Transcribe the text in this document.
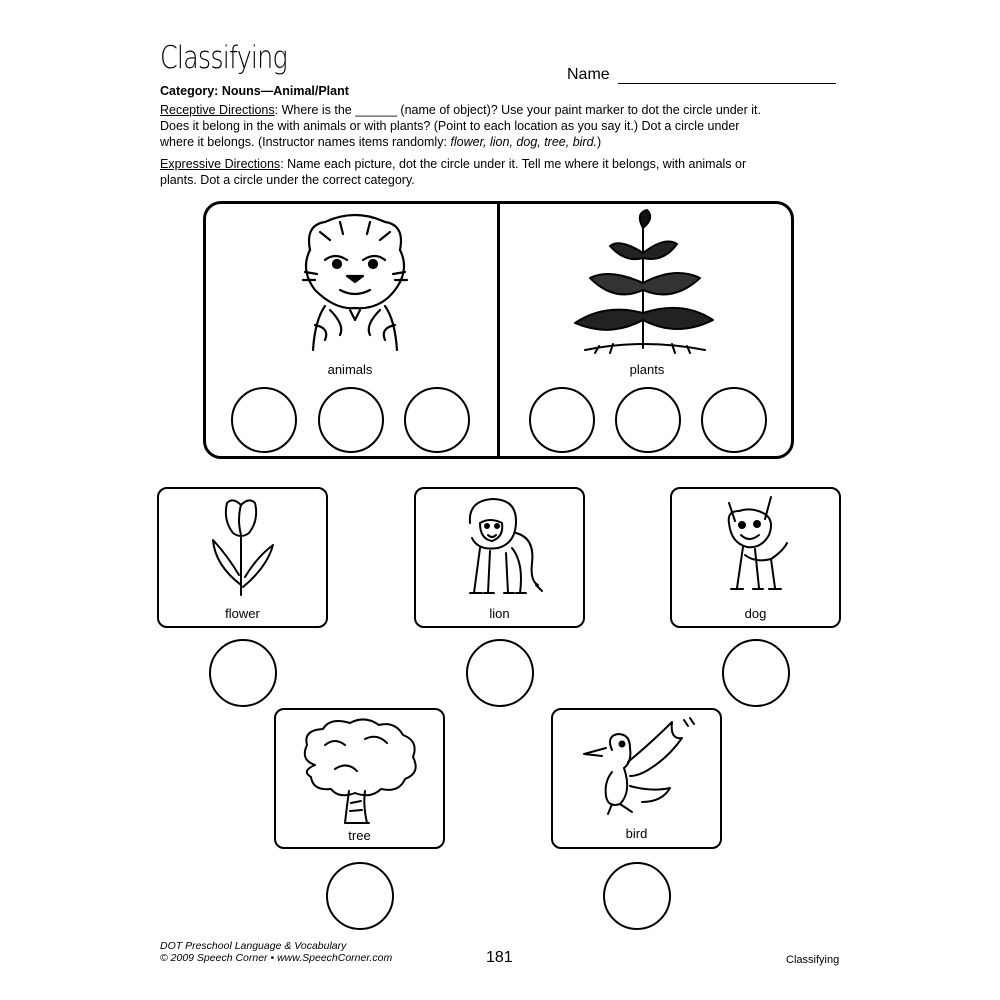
Classifying	Name
Category: Nouns—Animal/Plant
Receptive Directions: Where is the ______ (name of object)? Use your paint marker to dot the circle under it.
Does it belong in the with animals or with plants? (Point to each location as you say it.) Dot a circle under
where it belongs. (Instructor names items randomly: flower, lion, dog, tree, bird.)
Expressive Directions: Name each picture, dot the circle under it. Tell me where it belongs, with animals or
plants. Dot a circle under the correct category.
animals	plants
flower	lion	dog
tree	bird
DOT Preschool Language & Vocabulary
© 2009 Speech Corner • www.SpeechCorner.com	181	Classifying
